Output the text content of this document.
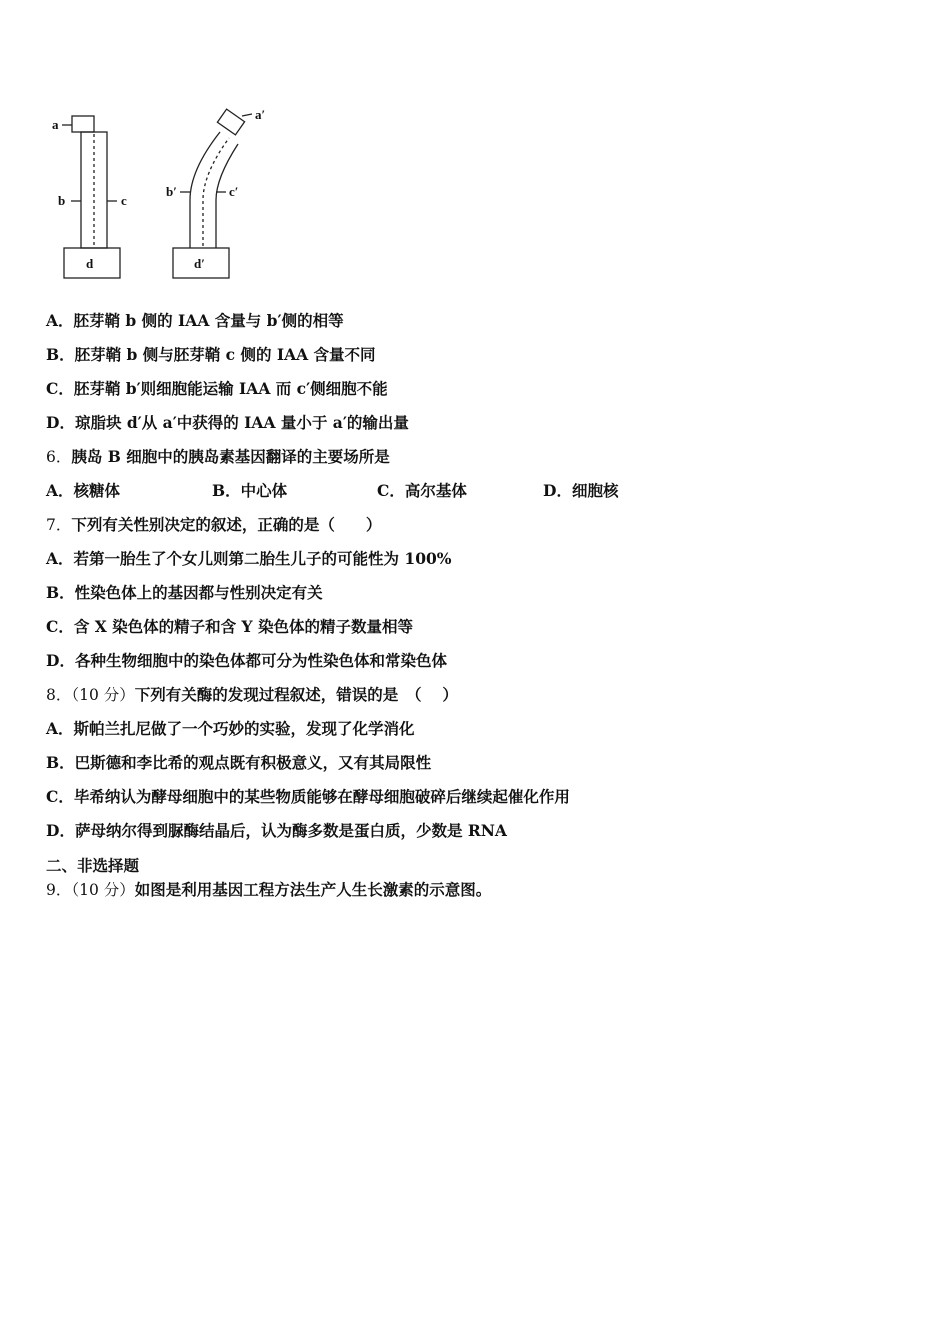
a
b	c
d
a′
b′	c′
d′
A．胚芽鞘 b 侧的 IAA 含量与 b′侧的相等
B．胚芽鞘 b 侧与胚芽鞘 c 侧的 IAA 含量不同
C．胚芽鞘 b′则细胞能运输 IAA 而 c′侧细胞不能
D．琼脂块 d′从 a′中获得的 IAA 量小于 a′的输出量
6．胰岛 B 细胞中的胰岛素基因翻译的主要场所是
A．核糖体	B．中心体	C．高尔基体	D．细胞核
7．下列有关性别决定的叙述，正确的是（　　）
A．若第一胎生了个女儿则第二胎生儿子的可能性为 100%
B．性染色体上的基因都与性别决定有关
C．含 X 染色体的精子和含 Y 染色体的精子数量相等
D．各种生物细胞中的染色体都可分为性染色体和常染色体
8．（10 分）下列有关酶的发现过程叙述，错误的是　（　 ）
A．斯帕兰扎尼做了一个巧妙的实验，发现了化学消化
B．巴斯德和李比希的观点既有积极意义，又有其局限性
C．毕希纳认为酵母细胞中的某些物质能够在酵母细胞破碎后继续起催化作用
D．萨母纳尔得到脲酶结晶后，认为酶多数是蛋白质，少数是 RNA
二、非选择题
9．（10 分）如图是利用基因工程方法生产人生长激素的示意图。
